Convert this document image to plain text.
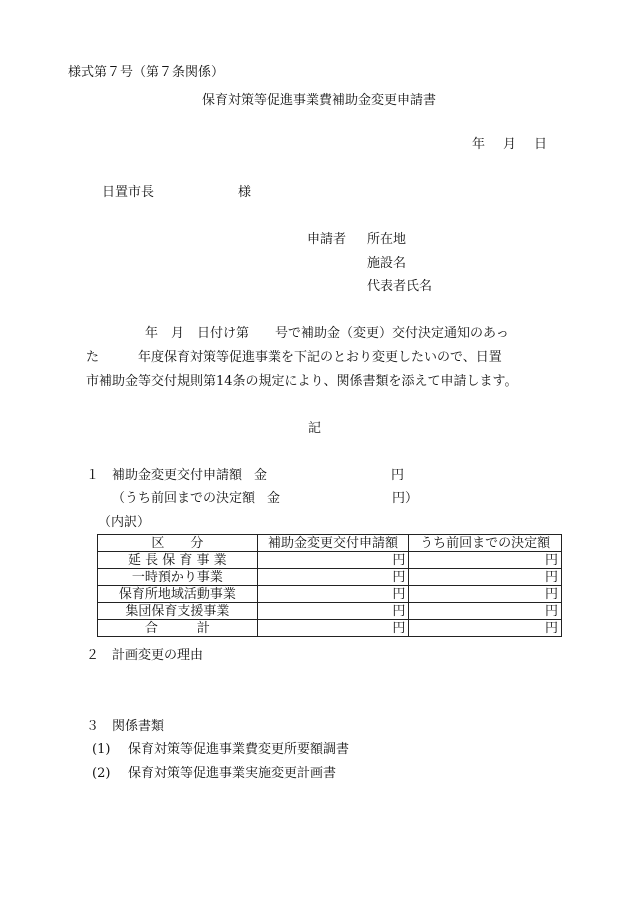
様式第７号（第７条関係）
保育対策等促進事業費補助金変更申請書
年 月 日
日置市長	様
申請者 所在地
施設名
代表者氏名
年　月　日付け第　　号で補助金（変更）交付決定通知のあっ
た　　　年度保育対策等促進事業を下記のとおり変更したいので、日置
市補助金等交付規則第14条の規定により、関係書類を添えて申請します。
記
１ 補助金変更交付申請額 金	円
（うち前回までの決定額 金	円）
（内訳）
区　　分	補助金変更交付申請額	うち前回までの決定額
延 長 保 育 事 業	円	円
一時預かり事業	円	円
保育所地域活動事業	円	円
集団保育支援事業	円	円
合　　　計	円	円
２ 計画変更の理由
３ 関係書類
(1) 保育対策等促進事業費変更所要額調書
(2) 保育対策等促進事業実施変更計画書
